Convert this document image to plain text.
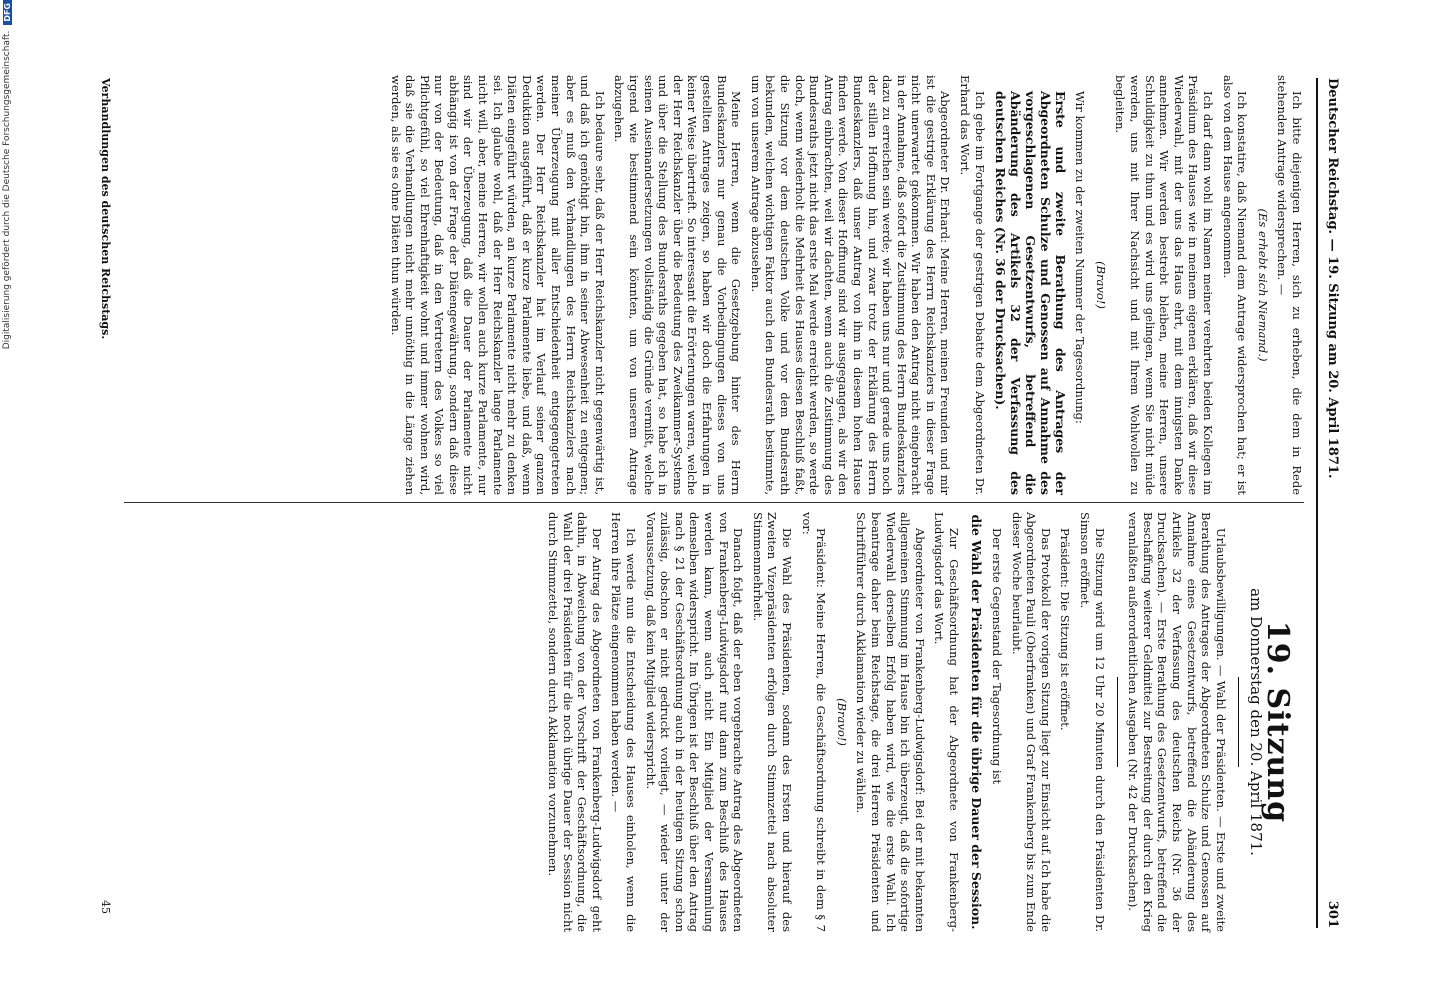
Digitalisierung gefördert durch die Deutsche Forschungsgemeinschaft.
DFG
Deutscher Reichstag. — 19. Sitzung am 20. April 1871.
301

Ich bitte diejenigen Herren, sich zu erheben, die dem in Rede stehenden Antrage widersprechen. —

(Es erhebt sich Niemand.)

Ich konstatire, daß Niemand dem Antrage widersprochen hat; er ist also von dem Hause angenommen.

Ich darf dann wohl im Namen meiner verehrten beiden Kollegen im Präsidium des Hauses wie in meinem eigenen erklären, daß wir diese Wiederwahl, mit der uns das Haus ehrt, mit dem innigsten Danke annehmen. Wir werden bestrebt bleiben, meine Herren, unsere Schuldigkeit zu thun und es wird uns gelingen, wenn Sie nicht müde werden, uns mit Ihrer Nachsicht und mit Ihrem Wohlwollen zu begleiten.

(Bravo!)

Wir kommen zu der zweiten Nummer der Tagesordnung:

Erste und zweite Berathung des Antrages der Abgeordneten Schulze und Genossen auf Annahme des vorgeschlagenen Gesetzentwurfs, betreffend die Abänderung des Artikels 32 der Verfassung des deutschen Reiches (Nr. 36 der Drucksachen).

Ich gebe im Fortgange der gestrigen Debatte dem Abgeordneten Dr. Erhard das Wort.

Abgeordneter Dr. Erhard: Meine Herren, meinen Freunden und mir ist die gestrige Erklärung des Herrn Reichskanzlers in dieser Frage nicht unerwartet gekommen. Wir haben den Antrag nicht eingebracht in der Annahme, daß sofort die Zustimmung des Herrn Bundeskanzlers dazu zu erreichen sein werde; wir haben uns nur und gerade uns noch der stillen Hoffnung hin, und zwar trotz der Erklärung des Herrn Bundeskanzlers, daß unser Antrag von ihm in diesem hohen Hause finden werde. Von dieser Hoffnung sind wir ausgegangen, als wir den Antrag einbrachten, weil wir dachten, wenn auch die Zustimmung des Bundesraths jetzt nicht das erste Mal werde erreicht werden, so werde doch, wenn wiederholt die Mehrheit des Hauses diesen Beschluß faßt, die Sitzung vor dem deutschen Volke und vor dem Bundesrath bekunden, welchen wichtigen Faktor auch den Bundesrath bestimmte, um von unserem Antrage abzusehen.

Meine Herren, wenn die Gesetzgebung hinter des Herrn Bundeskanzlers nur genau die Vorbedingungen dieses von uns gestellten Antrages zeigen, so haben wir doch die Erfahrungen in keiner Weise übertrieft. So interessant die Erörterungen waren, welche der Herr Reichskanzler über die Bedeutung des Zweikammer-Systems und über die Stellung des Bundesraths gegeben hat, so habe ich in seinen Auseinandersetzungen vollständig die Gründe vermißt, welche irgend wie bestimmend sein könnten, um von unserem Antrage abzugehen.

Ich bedaure sehr, daß der Herr Reichskanzler nicht gegenwärtig ist, und daß ich genöthigt bin, ihm in seiner Abwesenheit zu entgegnen; aber es muß den Verhandlungen des Herrn Reichskanzlers nach meiner Überzeugung mit aller Entschiedenheit entgegengetreten werden. Der Herr Reichskanzler hat im Verlauf seiner ganzen Deduktion ausgeführt, daß er kurze Parlamente liebe, und daß, wenn Diäten eingeführt würden, an kurze Parlamente nicht mehr zu denken sei. Ich glaube wohl, daß der Herr Reichskanzler lange Parlamente nicht will, aber, meine Herren, wir wollen auch kurze Parlamente, nur sind wir der Überzeugung, daß die Dauer der Parlamente nicht abhängig ist von der Frage der Diätengewährung, sondern daß diese nur von der Bedeutung, daß in den Vertretern des Volkes so viel Pflichtgefühl, so viel Ehrenhaftigkeit wohnt und immer wohnen wird, daß sie die Verhandlungen nicht mehr unnöthig in die Länge ziehen werden, als sie es ohne Diäten thun würden.

19. Sitzung
am Donnerstag den 20. April 1871.

Urlaubsbewilligungen. — Wahl der Präsidenten. — Erste und zweite Berathung des Antrages der Abgeordneten Schulze und Genossen auf Annahme eines Gesetzentwurfs, betreffend die Abänderung des Artikels 32 der Verfassung des deutschen Reichs (Nr. 36 der Drucksachen). — Erste Berathung des Gesetzentwurfs, betreffend die Beschaffung weiterer Geldmittel zur Bestreitung der durch den Krieg veranlaßten außerordentlichen Ausgaben (Nr. 42 der Drucksachen).

Die Sitzung wird um 12 Uhr 20 Minuten durch den Präsidenten Dr. Simson eröffnet.

Präsident: Die Sitzung ist eröffnet.

Das Protokoll der vorigen Sitzung liegt zur Einsicht auf. Ich habe die Abgeordneten Pauli (Oberfranken) und Graf Frankenberg bis zum Ende dieser Woche beurlaubt.

Der erste Gegenstand der Tagesordnung ist

die Wahl der Präsidenten für die übrige Dauer der Session.

Zur Geschäftsordnung hat der Abgeordnete von Frankenberg-Ludwigsdorf das Wort.

Abgeordneter von Frankenberg-Ludwigsdorf: Bei der mit bekannten allgemeinen Stimmung im Hause bin ich überzeugt, daß die sofortige Wiederwahl derselben Erfolg haben wird, wie die erste Wahl. Ich beantrage daher beim Reichstage, die drei Herren Präsidenten und Schriftführer durch Akklamation wieder zu wählen.

(Bravo!)

Präsident: Meine Herren, die Geschäftsordnung schreibt in dem § 7 vor:

Die Wahl des Präsidenten, sodann des Ersten und hierauf des Zweiten Vizepräsidenten erfolgen durch Stimmzettel nach absoluter Stimmenmehrheit.

Danach folgt, daß der eben vorgebrachte Antrag des Abgeordneten von Frankenberg-Ludwigsdorf nur dann zum Beschluß des Hauses werden kann, wenn auch nicht Ein Mitglied der Versammlung demselben widerspricht. Im Übrigen ist der Beschluß über den Antrag nach § 21 der Geschäftsordnung auch in der heutigen Sitzung schon zulässig, obschon er nicht gedruckt vorliegt, — wieder unter der Voraussetzung, daß kein Mitglied widerspricht.

Ich werde nun die Entscheidung des Hauses einholen, wenn die Herren ihre Plätze eingenommen haben werden. —

Der Antrag des Abgeordneten von Frankenberg-Ludwigsdorf geht dahin, in Abweichung von der Vorschrift der Geschäftsordnung, die Wahl der drei Präsidenten für die noch übrige Dauer der Session nicht durch Stimmzettel, sondern durch Akklamation vorzunehmen.

Verhandlungen des deutschen Reichstags.
45
